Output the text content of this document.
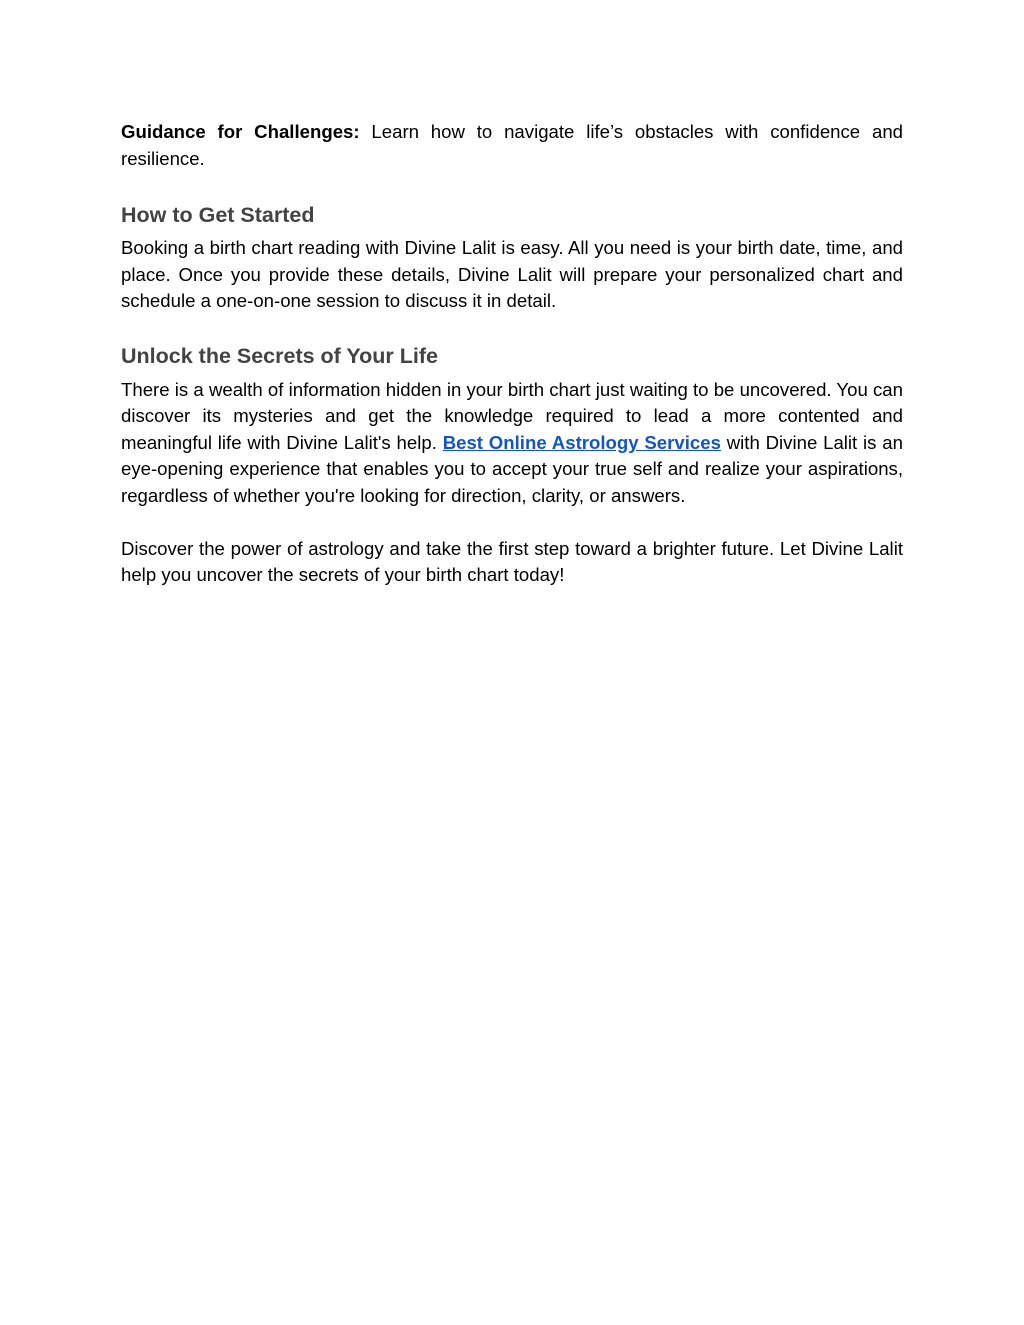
Guidance for Challenges: Learn how to navigate life’s obstacles with confidence and resilience.

How to Get Started

Booking a birth chart reading with Divine Lalit is easy. All you need is your birth date, time, and place. Once you provide these details, Divine Lalit will prepare your personalized chart and schedule a one-on-one session to discuss it in detail.

Unlock the Secrets of Your Life

There is a wealth of information hidden in your birth chart just waiting to be uncovered. You can discover its mysteries and get the knowledge required to lead a more contented and meaningful life with Divine Lalit's help. Best Online Astrology Services with Divine Lalit is an eye-opening experience that enables you to accept your true self and realize your aspirations, regardless of whether you're looking for direction, clarity, or answers.

Discover the power of astrology and take the first step toward a brighter future. Let Divine Lalit help you uncover the secrets of your birth chart today!
